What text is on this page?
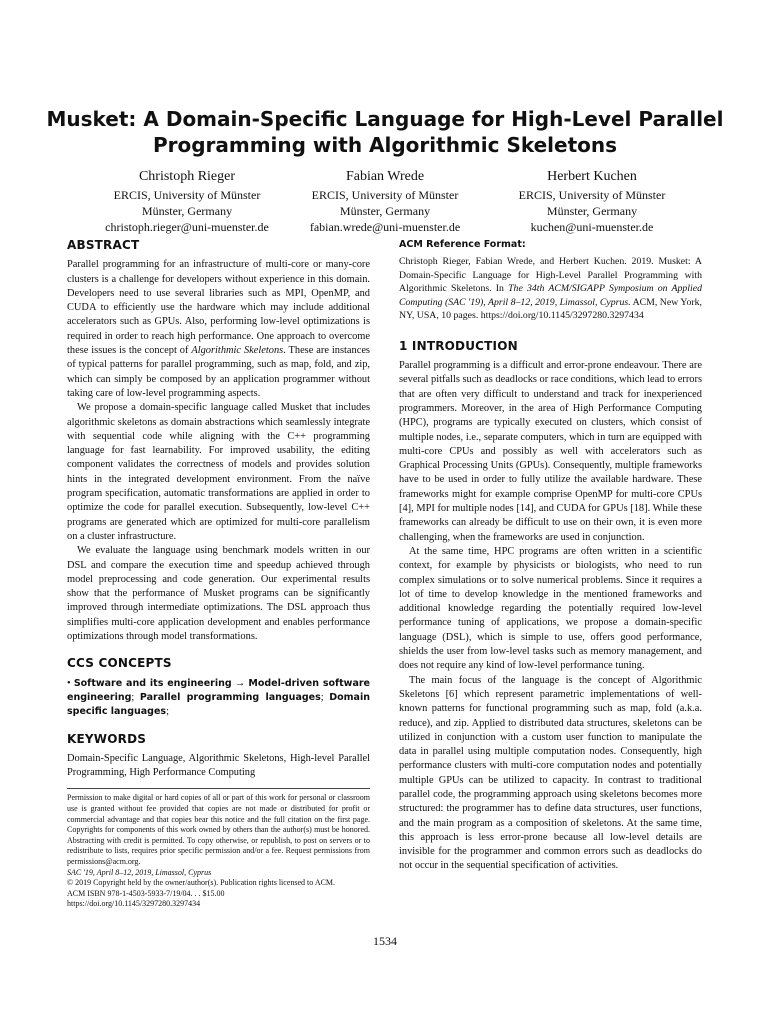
Musket: A Domain-Specific Language for High-Level Parallel
Programming with Algorithmic Skeletons
Christoph Rieger
ERCIS, University of Münster
Münster, Germany
christoph.rieger@uni-muenster.de
Fabian Wrede
ERCIS, University of Münster
Münster, Germany
fabian.wrede@uni-muenster.de
Herbert Kuchen
ERCIS, University of Münster
Münster, Germany
kuchen@uni-muenster.de
ABSTRACT

Parallel programming for an infrastructure of multi-core or many-core clusters is a challenge for developers without experience in this domain. Developers need to use several libraries such as MPI, OpenMP, and CUDA to efficiently use the hardware which may include additional accelerators such as GPUs. Also, performing low-level optimizations is required in order to reach high performance. One approach to overcome these issues is the concept of Algorithmic Skeletons. These are instances of typical patterns for parallel programming, such as map, fold, and zip, which can simply be composed by an application programmer without taking care of low-level programming aspects.

We propose a domain-specific language called Musket that includes algorithmic skeletons as domain abstractions which seamlessly integrate with sequential code while aligning with the C++ programming language for fast learnability. For improved usability, the editing component validates the correctness of models and provides solution hints in the integrated development environment. From the naïve program specification, automatic transformations are applied in order to optimize the code for parallel execution. Subsequently, low-level C++ programs are generated which are optimized for multi-core parallelism on a cluster infrastructure.

We evaluate the language using benchmark models written in our DSL and compare the execution time and speedup achieved through model preprocessing and code generation. Our experimental results show that the performance of Musket programs can be significantly improved through intermediate optimizations. The DSL approach thus simplifies multi-core application development and enables performance optimizations through model transformations.

CCS CONCEPTS

• Software and its engineering → Model-driven software engineering; Parallel programming languages; Domain specific languages;

KEYWORDS

Domain-Specific Language, Algorithmic Skeletons, High-level Parallel Programming, High Performance Computing

Permission to make digital or hard copies of all or part of this work for personal or classroom use is granted without fee provided that copies are not made or distributed for profit or commercial advantage and that copies bear this notice and the full citation on the first page. Copyrights for components of this work owned by others than the author(s) must be honored. Abstracting with credit is permitted. To copy otherwise, or republish, to post on servers or to redistribute to lists, requires prior specific permission and/or a fee. Request permissions from permissions@acm.org.
SAC '19, April 8–12, 2019, Limassol, Cyprus
© 2019 Copyright held by the owner/author(s). Publication rights licensed to ACM.
ACM ISBN 978-1-4503-5933-7/19/04. . . $15.00
https://doi.org/10.1145/3297280.3297434
ACM Reference Format:

Christoph Rieger, Fabian Wrede, and Herbert Kuchen. 2019. Musket: A Domain-Specific Language for High-Level Parallel Programming with Algorithmic Skeletons. In The 34th ACM/SIGAPP Symposium on Applied Computing (SAC '19), April 8–12, 2019, Limassol, Cyprus. ACM, New York, NY, USA, 10 pages. https://doi.org/10.1145/3297280.3297434

1 INTRODUCTION

Parallel programming is a difficult and error-prone endeavour. There are several pitfalls such as deadlocks or race conditions, which lead to errors that are often very difficult to understand and track for inexperienced programmers. Moreover, in the area of High Performance Computing (HPC), programs are typically executed on clusters, which consist of multiple nodes, i.e., separate computers, which in turn are equipped with multi-core CPUs and possibly as well with accelerators such as Graphical Processing Units (GPUs). Consequently, multiple frameworks have to be used in order to fully utilize the available hardware. These frameworks might for example comprise OpenMP for multi-core CPUs [4], MPI for multiple nodes [14], and CUDA for GPUs [18]. While these frameworks can already be difficult to use on their own, it is even more challenging, when the frameworks are used in conjunction.

At the same time, HPC programs are often written in a scientific context, for example by physicists or biologists, who need to run complex simulations or to solve numerical problems. Since it requires a lot of time to develop knowledge in the mentioned frameworks and additional knowledge regarding the potentially required low-level performance tuning of applications, we propose a domain-specific language (DSL), which is simple to use, offers good performance, shields the user from low-level tasks such as memory management, and does not require any kind of low-level performance tuning.

The main focus of the language is the concept of Algorithmic Skeletons [6] which represent parametric implementations of well-known patterns for functional programming such as map, fold (a.k.a. reduce), and zip. Applied to distributed data structures, skeletons can be utilized in conjunction with a custom user function to manipulate the data in parallel using multiple computation nodes. Consequently, high performance clusters with multi-core computation nodes and potentially multiple GPUs can be utilized to capacity. In contrast to traditional parallel code, the programming approach using skeletons becomes more structured: the programmer has to define data structures, user functions, and the main program as a composition of skeletons. At the same time, this approach is less error-prone because all low-level details are invisible for the programmer and common errors such as deadlocks do not occur in the sequential specification of activities.

1534
